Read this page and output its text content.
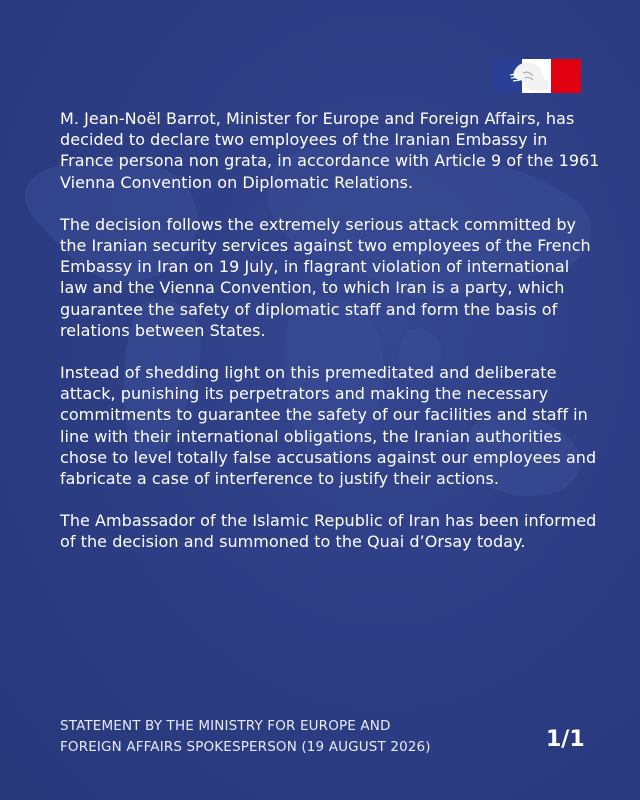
M. Jean-Noël Barrot, Minister for Europe and Foreign Affairs, has decided to declare two employees of the Iranian Embassy in France persona non grata, in accordance with Article 9 of the 1961 Vienna Convention on Diplomatic Relations.

The decision follows the extremely serious attack committed by the Iranian security services against two employees of the French Embassy in Iran on 19 July, in flagrant violation of international law and the Vienna Convention, to which Iran is a party, which guarantee the safety of diplomatic staff and form the basis of relations between States.

Instead of shedding light on this premeditated and deliberate attack, punishing its perpetrators and making the necessary commitments to guarantee the safety of our facilities and staff in line with their international obligations, the Iranian authorities chose to level totally false accusations against our employees and fabricate a case of interference to justify their actions.

The Ambassador of the Islamic Republic of Iran has been informed of the decision and summoned to the Quai d’Orsay today.

STATEMENT BY THE MINISTRY FOR EUROPE AND
FOREIGN AFFAIRS SPOKESPERSON (19 AUGUST 2026)	1/1
